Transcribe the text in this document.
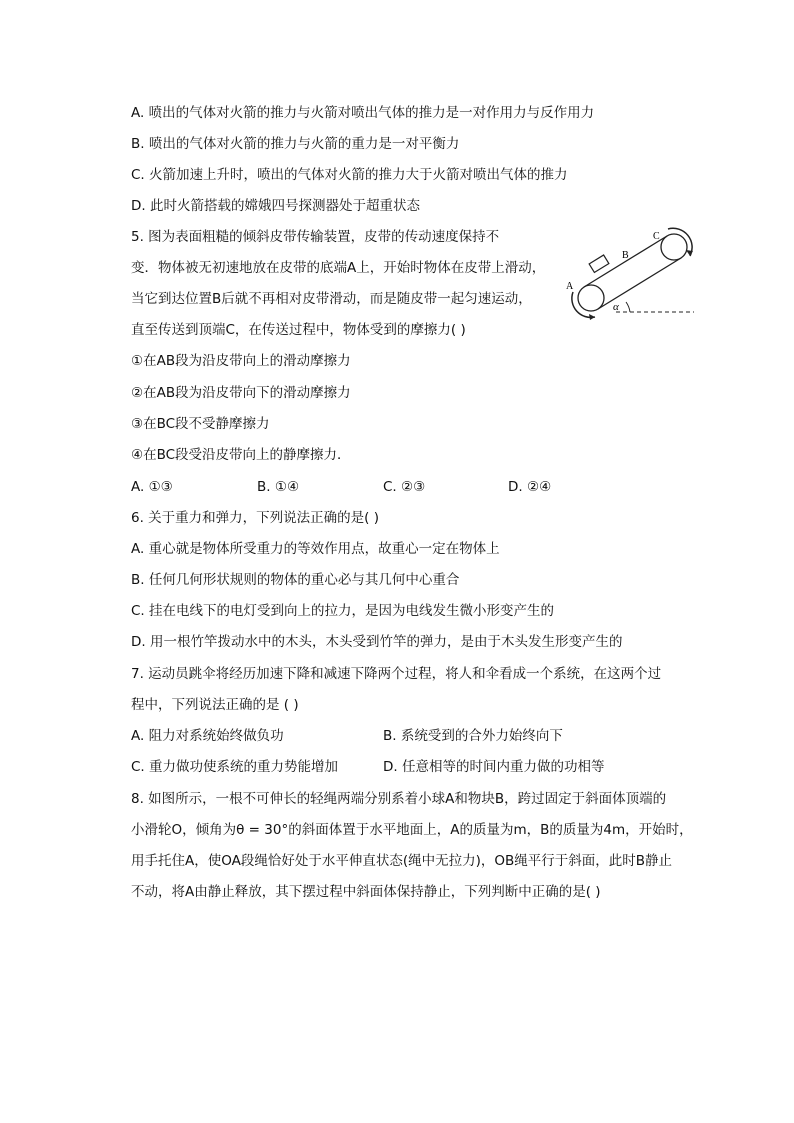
A. 喷出的气体对火箭的推力与火箭对喷出气体的推力是一对作用力与反作用力
B. 喷出的气体对火箭的推力与火箭的重力是一对平衡力
C. 火箭加速上升时，喷出的气体对火箭的推力大于火箭对喷出气体的推力
D. 此时火箭搭载的嫦娥四号探测器处于超重状态
5. 图为表面粗糙的倾斜皮带传输装置，皮带的传动速度保持不
变．物体被无初速地放在皮带的底端A上，开始时物体在皮带上滑动，
当它到达位置B后就不再相对皮带滑动，而是随皮带一起匀速运动，
直至传送到顶端C，在传送过程中，物体受到的摩擦力( )
A
B
C
α
①在AB段为沿皮带向上的滑动摩擦力
②在AB段为沿皮带向下的滑动摩擦力
③在BC段不受静摩擦力
④在BC段受沿皮带向上的静摩擦力．
A. ①③	B. ①④	C. ②③	D. ②④
6. 关于重力和弹力，下列说法正确的是( )
A. 重心就是物体所受重力的等效作用点，故重心一定在物体上
B. 任何几何形状规则的物体的重心必与其几何中心重合
C. 挂在电线下的电灯受到向上的拉力，是因为电线发生微小形变产生的
D. 用一根竹竿拨动水中的木头，木头受到竹竿的弹力，是由于木头发生形变产生的
7. 运动员跳伞将经历加速下降和减速下降两个过程，将人和伞看成一个系统，在这两个过
程中，下列说法正确的是 ( )
A. 阻力对系统始终做负功	B. 系统受到的合外力始终向下
C. 重力做功使系统的重力势能增加	D. 任意相等的时间内重力做的功相等
8. 如图所示，一根不可伸长的轻绳两端分别系着小球A和物块B，跨过固定于斜面体顶端的
小滑轮O，倾角为θ = 30°的斜面体置于水平地面上，A的质量为m，B的质量为4m，开始时，
用手托住A，使OA段绳恰好处于水平伸直状态(绳中无拉力)，OB绳平行于斜面，此时B静止
不动，将A由静止释放，其下摆过程中斜面体保持静止，下列判断中正确的是( )
